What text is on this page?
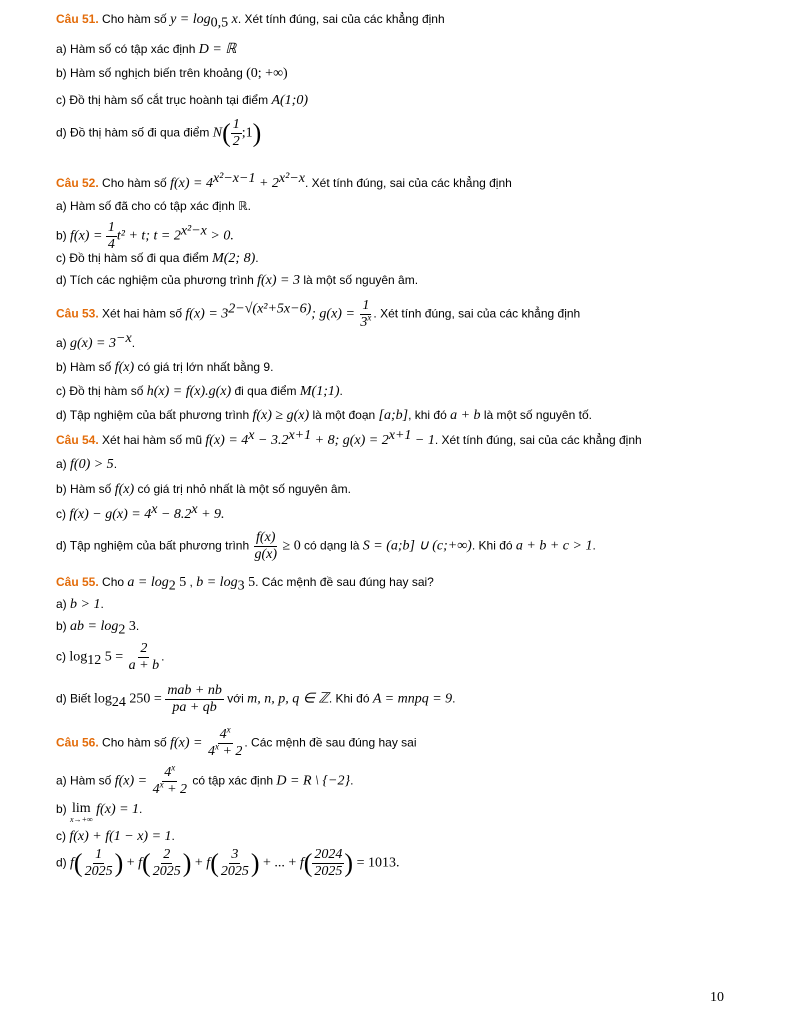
Câu 51. Cho hàm số $y = \log_{0,5} x$. Xét tính đúng, sai của các khẳng định
a) Hàm số có tập xác định D = ℝ
b) Hàm số nghịch biến trên khoảng (0; +∞)
c) Đồ thị hàm số cắt trục hoành tại điểm A(1;0)
d) Đồ thị hàm số đi qua điểm $N( \frac{1}{2}$ ;1)
Câu 52. Cho hàm số $f(x) = 4^{x^2-x-1} + 2^{x^2-x}$. Xét tính đúng, sai của các khẳng định
a) Hàm số đã cho có tập xác định ℝ.
b) $f(x) = \frac{1}{4} t^2 + t$; $t = 2^{x^2-x} > 0$.
c) Đồ thị hàm số đi qua điểm M(2; 8).
d) Tích các nghiệm của phương trình f(x) = 3 là một số nguyên âm.
Câu 53. Xét hai hàm số $f(x) = 3^{2-√(x^2+5x-6)}$; $g(x) = \frac{1}{3^x}$ . Xét tính đúng, sai của các khẳng định
a) $g(x) = 3^{-x}$.
b) Hàm số f(x) có giá trị lớn nhất bằng 9.
c) Đồ thị hàm số h(x) = f(x).g(x) đi qua điểm M(1;1).
d) Tập nghiệm của bất phương trình f(x) ≥ g(x) là một đoạn [a;b], khi đó a + b là một số nguyên tố.
Câu 54. Xét hai hàm số mũ $f(x) = 4^x - 3.2^{x+1} + 8$; $g(x) = 2^{x+1} - 1$. Xét tính đúng, sai của các khẳng định
a) f(0) > 5.
b) Hàm số f(x) có giá trị nhỏ nhất là một số nguyên âm.
c) $f(x) - g(x) = 4^x - 8.2^x + 9$.
d) Tập nghiệm của bất phương trình $\frac{f(x)}{g(x)} \ge 0$ có dạng là S = (a;b] ∪ (c;+∞). Khi đó a + b + c > 1.
Câu 55. Cho $a = \log_2 5$ , $b = \log_3 5$. Các mệnh đề sau đúng hay sai?
a) b > 1.
b) ab = $\log_2 3$.
c) $\log_{12} 5 = \frac{2}{a + b}$ .
d) Biết $\log_{24} 250$ =
mab + nb
pa + qb
với m, n, p, q ∈ ℤ. Khi đó A = mnpq = 9.
Câu 56. Cho hàm số $f(x) = \frac{4^x}{4^x + 2}$ . Các mệnh đề sau đúng hay sai
a) Hàm số $f(x) = \frac{4^x}{4^x + 2}$ có tập xác định D = R \ {−2}.
b) lim
x→+∞
f(x) = 1.
c) f(x) + f(1 − x) = 1.
d) $f( \frac{1}{2025}$ ) + $f( \frac{2}{2025}$ ) + $f( \frac{3}{2025}$ ) + ... + $f( \frac{2024}{2025}$ ) = 1013.
10
